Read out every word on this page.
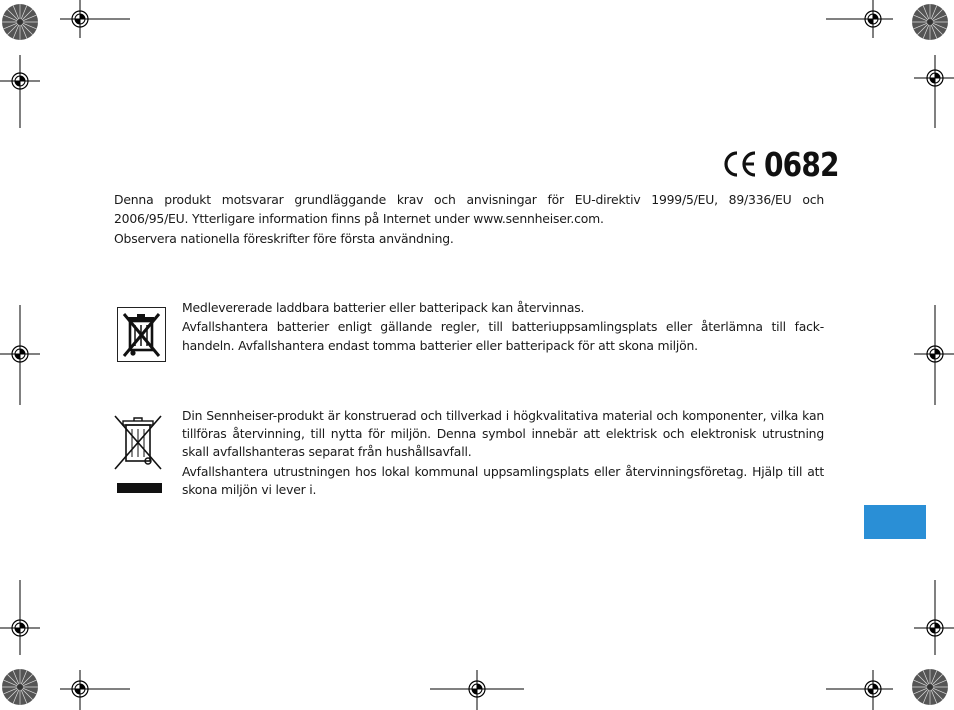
0682

Denna produkt motsvarar grundläggande krav och anvisningar för EU-direktiv 1999/5/EU, 89/336/EU och 2006/95/EU. Ytterligare information finns på Internet under www.sennheiser.com.

Observera nationella föreskrifter före första användning.

Medlevererade laddbara batterier eller batteripack kan återvinnas.

Avfallshantera batterier enligt gällande regler, till batteriuppsamlingsplats eller återlämna till fack-handeln. Avfallshantera endast tomma batterier eller batteripack för att skona miljön.

Din Sennheiser-produkt är konstruerad och tillverkad i högkvalitativa material och komponenter, vilka kan tillföras återvinning, till nytta för miljön. Denna symbol innebär att elektrisk och elektronisk utrustning skall avfallshanteras separat från hushållsavfall.

Avfallshantera utrustningen hos lokal kommunal uppsamlingsplats eller återvinningsföretag. Hjälp till att skona miljön vi lever i.
